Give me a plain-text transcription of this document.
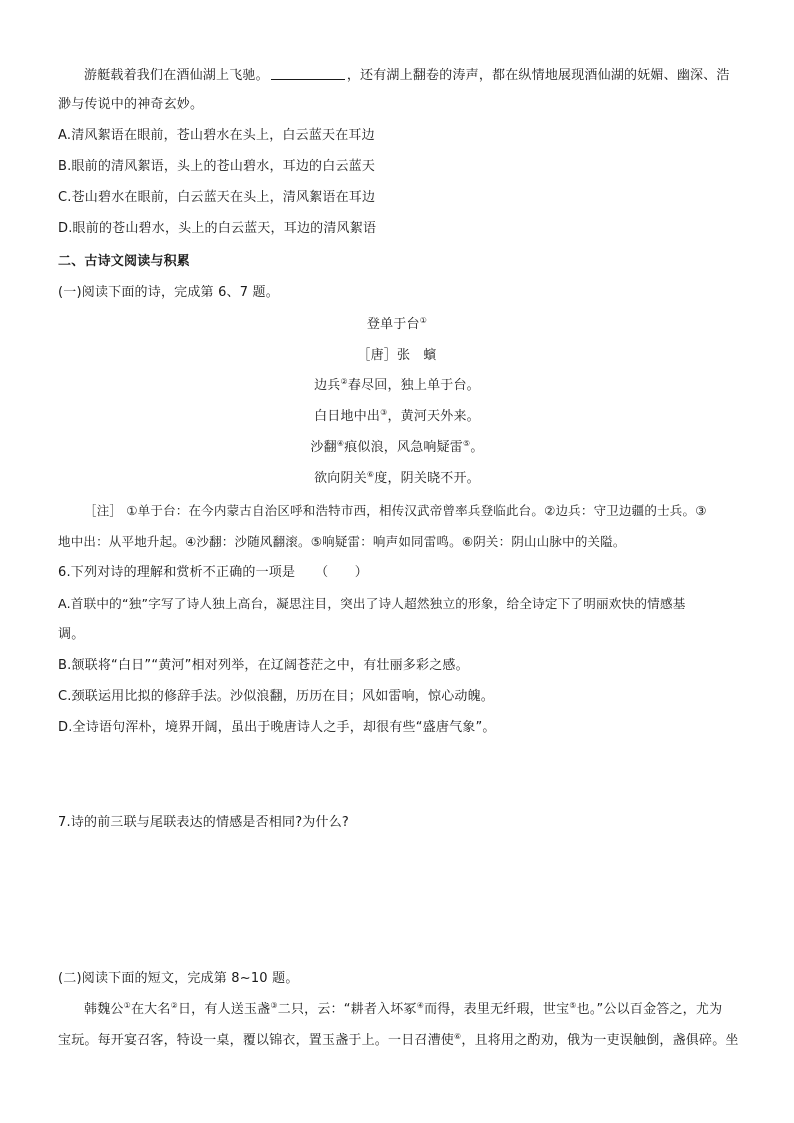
游艇载着我们在酒仙湖上飞驰。	，还有湖上翻卷的涛声，都在纵情地展现酒仙湖的妩媚、幽深、浩
渺与传说中的神奇玄妙。
A.清风絮语在眼前，苍山碧水在头上，白云蓝天在耳边
B.眼前的清风絮语，头上的苍山碧水，耳边的白云蓝天
C.苍山碧水在眼前，白云蓝天在头上，清风絮语在耳边
D.眼前的苍山碧水，头上的白云蓝天，耳边的清风絮语
二、古诗文阅读与积累
(一)阅读下面的诗，完成第 6、7 题。
登单于台①
［唐］张　蠙
边兵②春尽回，独上单于台。
白日地中出③，黄河天外来。
沙翻④痕似浪，风急响疑雷⑤。
欲向阴关⑥度，阴关晓不开。
［注］ ①单于台：在今内蒙古自治区呼和浩特市西，相传汉武帝曾率兵登临此台。②边兵：守卫边疆的士兵。③
地中出：从平地升起。④沙翻：沙随风翻滚。⑤响疑雷：响声如同雷鸣。⑥阴关：阴山山脉中的关隘。
6.下列对诗的理解和赏析不正确的一项是　　（　　）
A.首联中的“独”字写了诗人独上高台，凝思注目，突出了诗人超然独立的形象，给全诗定下了明丽欢快的情感基
调。
B.颔联将“白日”“黄河”相对列举，在辽阔苍茫之中，有壮丽多彩之感。
C.颈联运用比拟的修辞手法。沙似浪翻，历历在目；风如雷响，惊心动魄。
D.全诗语句浑朴，境界开阔，虽出于晚唐诗人之手，却很有些“盛唐气象”。
7.诗的前三联与尾联表达的情感是否相同?为什么?
(二)阅读下面的短文，完成第 8~10 题。
韩魏公①在大名②日，有人送玉盏③二只，云：“耕者入坏冢④而得，表里无纤瑕，世宝⑤也。”公以百金答之，尤为
宝玩。每开宴召客，特设一桌，覆以锦衣，置玉盏于上。一日召漕使⑥，且将用之酌劝，俄为一吏误触倒，盏俱碎。坐
